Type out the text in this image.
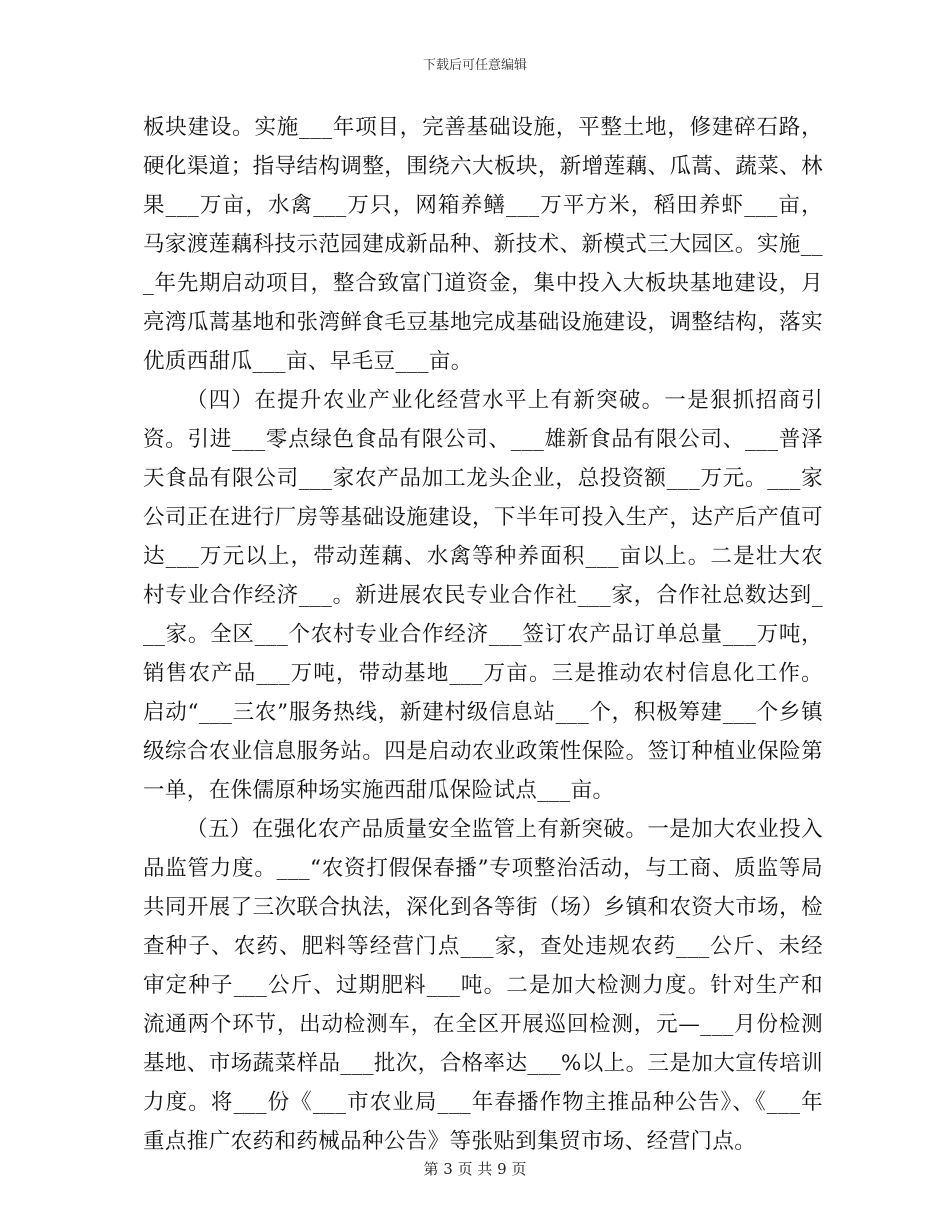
下载后可任意编辑

板块建设。实施___年项目，完善基础设施，平整土地，修建碎石路，硬化渠道；指导结构调整，围绕六大板块，新增莲藕、瓜蒿、蔬菜、林果___万亩，水禽___万只，网箱养鳝___万平方米，稻田养虾___亩，马家渡莲藕科技示范园建成新品种、新技术、新模式三大园区。实施___年先期启动项目，整合致富门道资金，集中投入大板块基地建设，月亮湾瓜蒿基地和张湾鲜食毛豆基地完成基础设施建设，调整结构，落实优质西甜瓜___亩、早毛豆___亩。

（四）在提升农业产业化经营水平上有新突破。一是狠抓招商引资。引进___零点绿色食品有限公司、___雄新食品有限公司、___普泽天食品有限公司___家农产品加工龙头企业，总投资额___万元。___家公司正在进行厂房等基础设施建设，下半年可投入生产，达产后产值可达___万元以上，带动莲藕、水禽等种养面积___亩以上。二是壮大农村专业合作经济___。新进展农民专业合作社___家，合作社总数达到___家。全区___个农村专业合作经济___签订农产品订单总量___万吨，销售农产品___万吨，带动基地___万亩。三是推动农村信息化工作。启动“___三农”服务热线，新建村级信息站___个，积极筹建___个乡镇级综合农业信息服务站。四是启动农业政策性保险。签订种植业保险第一单，在侏儒原种场实施西甜瓜保险试点___亩。

（五）在强化农产品质量安全监管上有新突破。一是加大农业投入品监管力度。___“农资打假保春播”专项整治活动，与工商、质监等局共同开展了三次联合执法，深化到各等街（场）乡镇和农资大市场，检查种子、农药、肥料等经营门点___家，查处违规农药___公斤、未经审定种子___公斤、过期肥料___吨。二是加大检测力度。针对生产和流通两个环节，出动检测车，在全区开展巡回检测，元—___月份检测基地、市场蔬菜样品___批次，合格率达___%以上。三是加大宣传培训力度。将___份《___市农业局___年春播作物主推品种公告》、《___年重点推广农药和药械品种公告》等张贴到集贸市场、经营门点。

第 3 页 共 9 页
